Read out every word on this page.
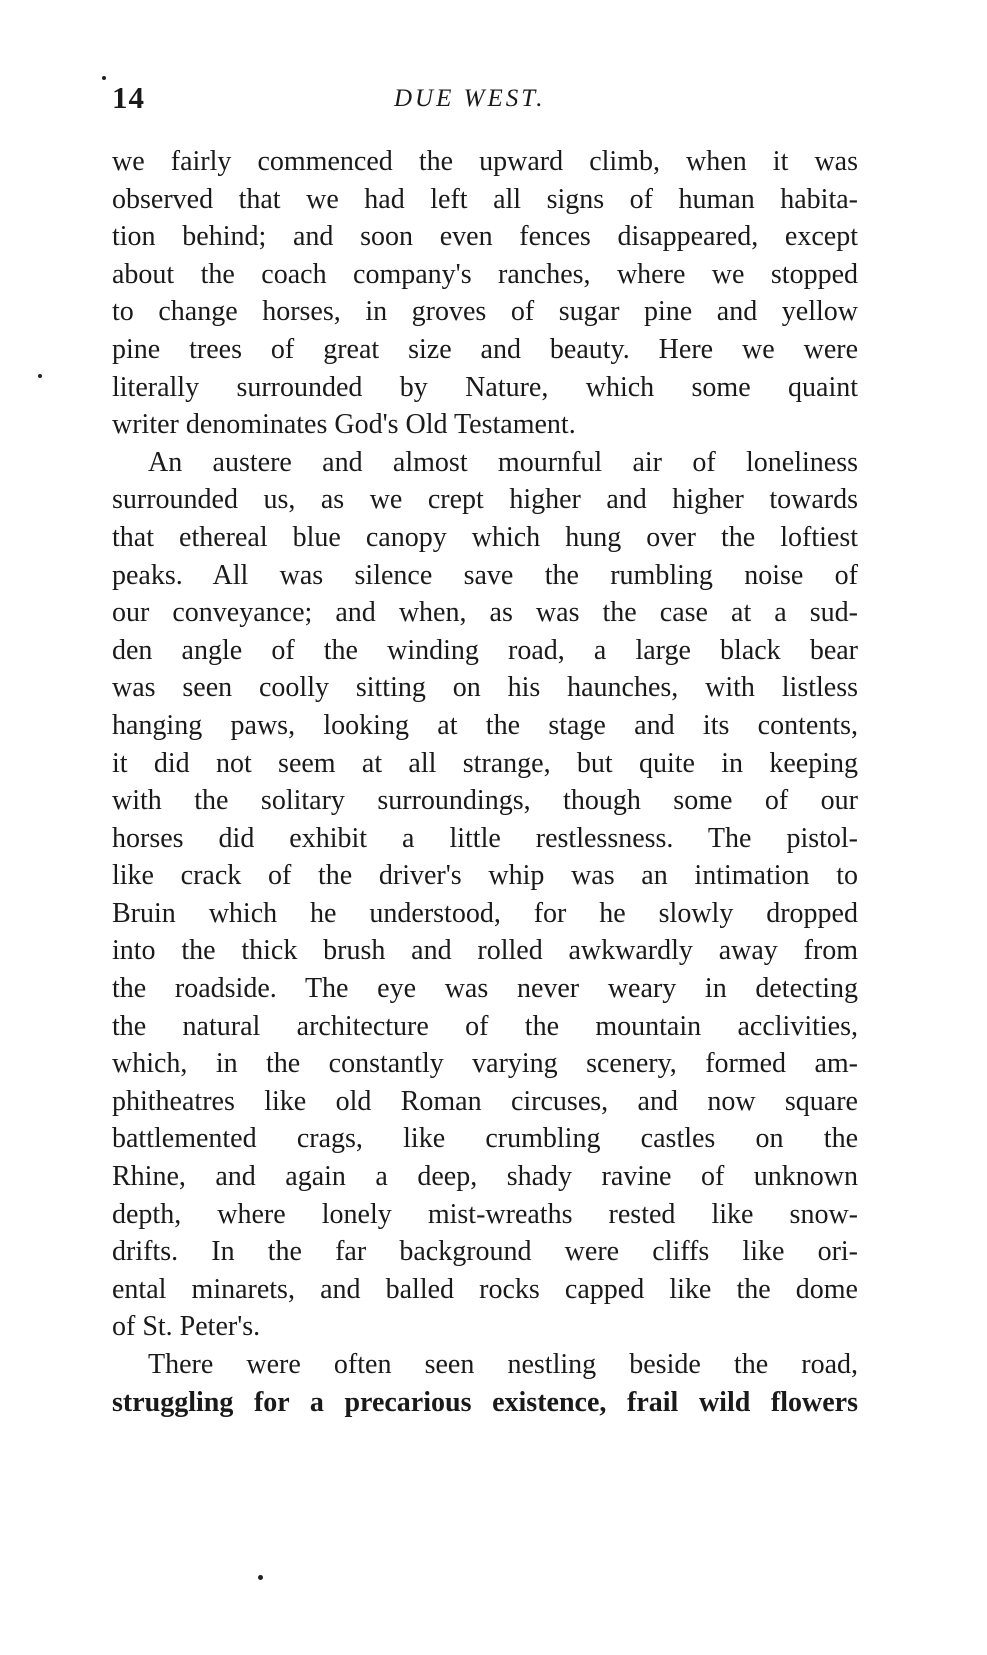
14	DUE WEST.
we fairly commenced the upward climb, when it was
observed that we had left all signs of human habita-
tion behind; and soon even fences disappeared, except
about the coach company's ranches, where we stopped
to change horses, in groves of sugar pine and yellow
pine trees of great size and beauty. Here we were
literally surrounded by Nature, which some quaint
writer denominates God's Old Testament.
An austere and almost mournful air of loneliness
surrounded us, as we crept higher and higher towards
that ethereal blue canopy which hung over the loftiest
peaks. All was silence save the rumbling noise of
our conveyance; and when, as was the case at a sud-
den angle of the winding road, a large black bear
was seen coolly sitting on his haunches, with listless
hanging paws, looking at the stage and its contents,
it did not seem at all strange, but quite in keeping
with the solitary surroundings, though some of our
horses did exhibit a little restlessness. The pistol-
like crack of the driver's whip was an intimation to
Bruin which he understood, for he slowly dropped
into the thick brush and rolled awkwardly away from
the roadside. The eye was never weary in detecting
the natural architecture of the mountain acclivities,
which, in the constantly varying scenery, formed am-
phitheatres like old Roman circuses, and now square
battlemented crags, like crumbling castles on the
Rhine, and again a deep, shady ravine of unknown
depth, where lonely mist-wreaths rested like snow-
drifts. In the far background were cliffs like ori-
ental minarets, and balled rocks capped like the dome
of St. Peter's.
There were often seen nestling beside the road,
struggling for a precarious existence, frail wild flowers
